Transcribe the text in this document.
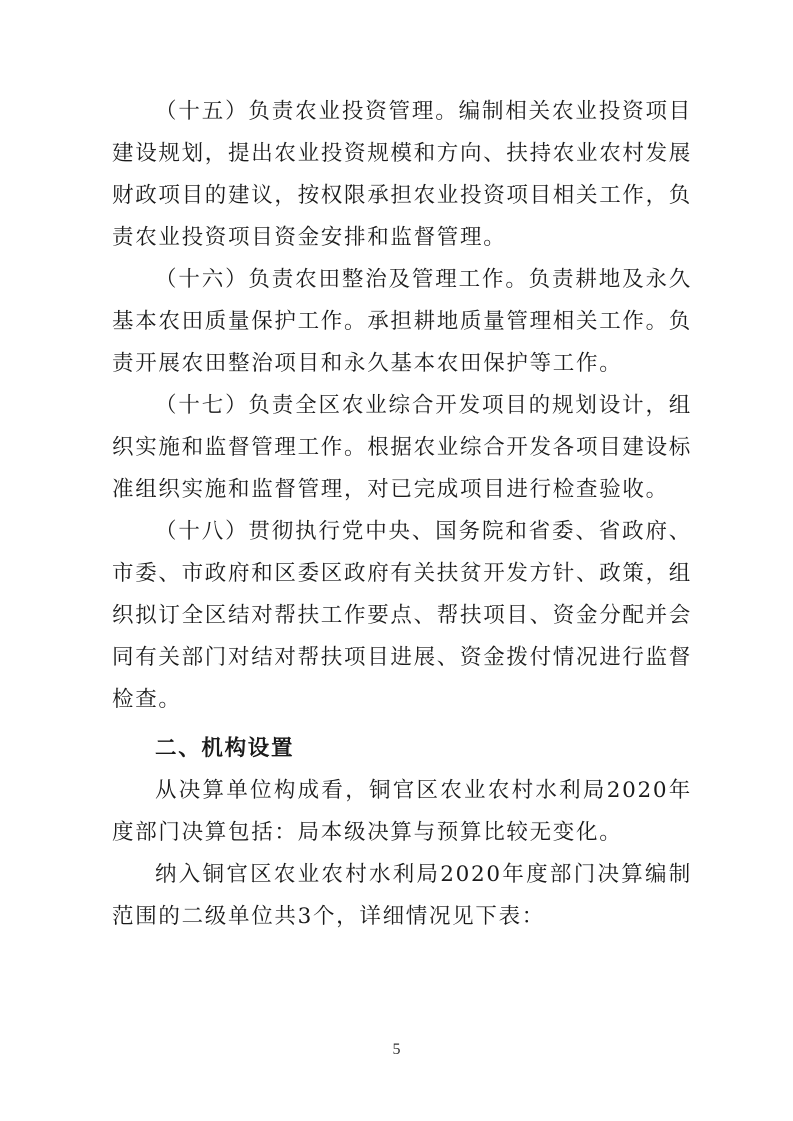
（十五）负责农业投资管理。编制相关农业投资项目建设规划，提出农业投资规模和方向、扶持农业农村发展财政项目的建议，按权限承担农业投资项目相关工作，负责农业投资项目资金安排和监督管理。

（十六）负责农田整治及管理工作。负责耕地及永久基本农田质量保护工作。承担耕地质量管理相关工作。负责开展农田整治项目和永久基本农田保护等工作。

（十七）负责全区农业综合开发项目的规划设计，组织实施和监督管理工作。根据农业综合开发各项目建设标准组织实施和监督管理，对已完成项目进行检查验收。

（十八）贯彻执行党中央、国务院和省委、省政府、市委、市政府和区委区政府有关扶贫开发方针、政策，组织拟订全区结对帮扶工作要点、帮扶项目、资金分配并会同有关部门对结对帮扶项目进展、资金拨付情况进行监督检查。

二、机构设置

从决算单位构成看，铜官区农业农村水利局2020年度部门决算包括：局本级决算与预算比较无变化。

纳入铜官区农业农村水利局2020年度部门决算编制范围的二级单位共3个，详细情况见下表：

5
